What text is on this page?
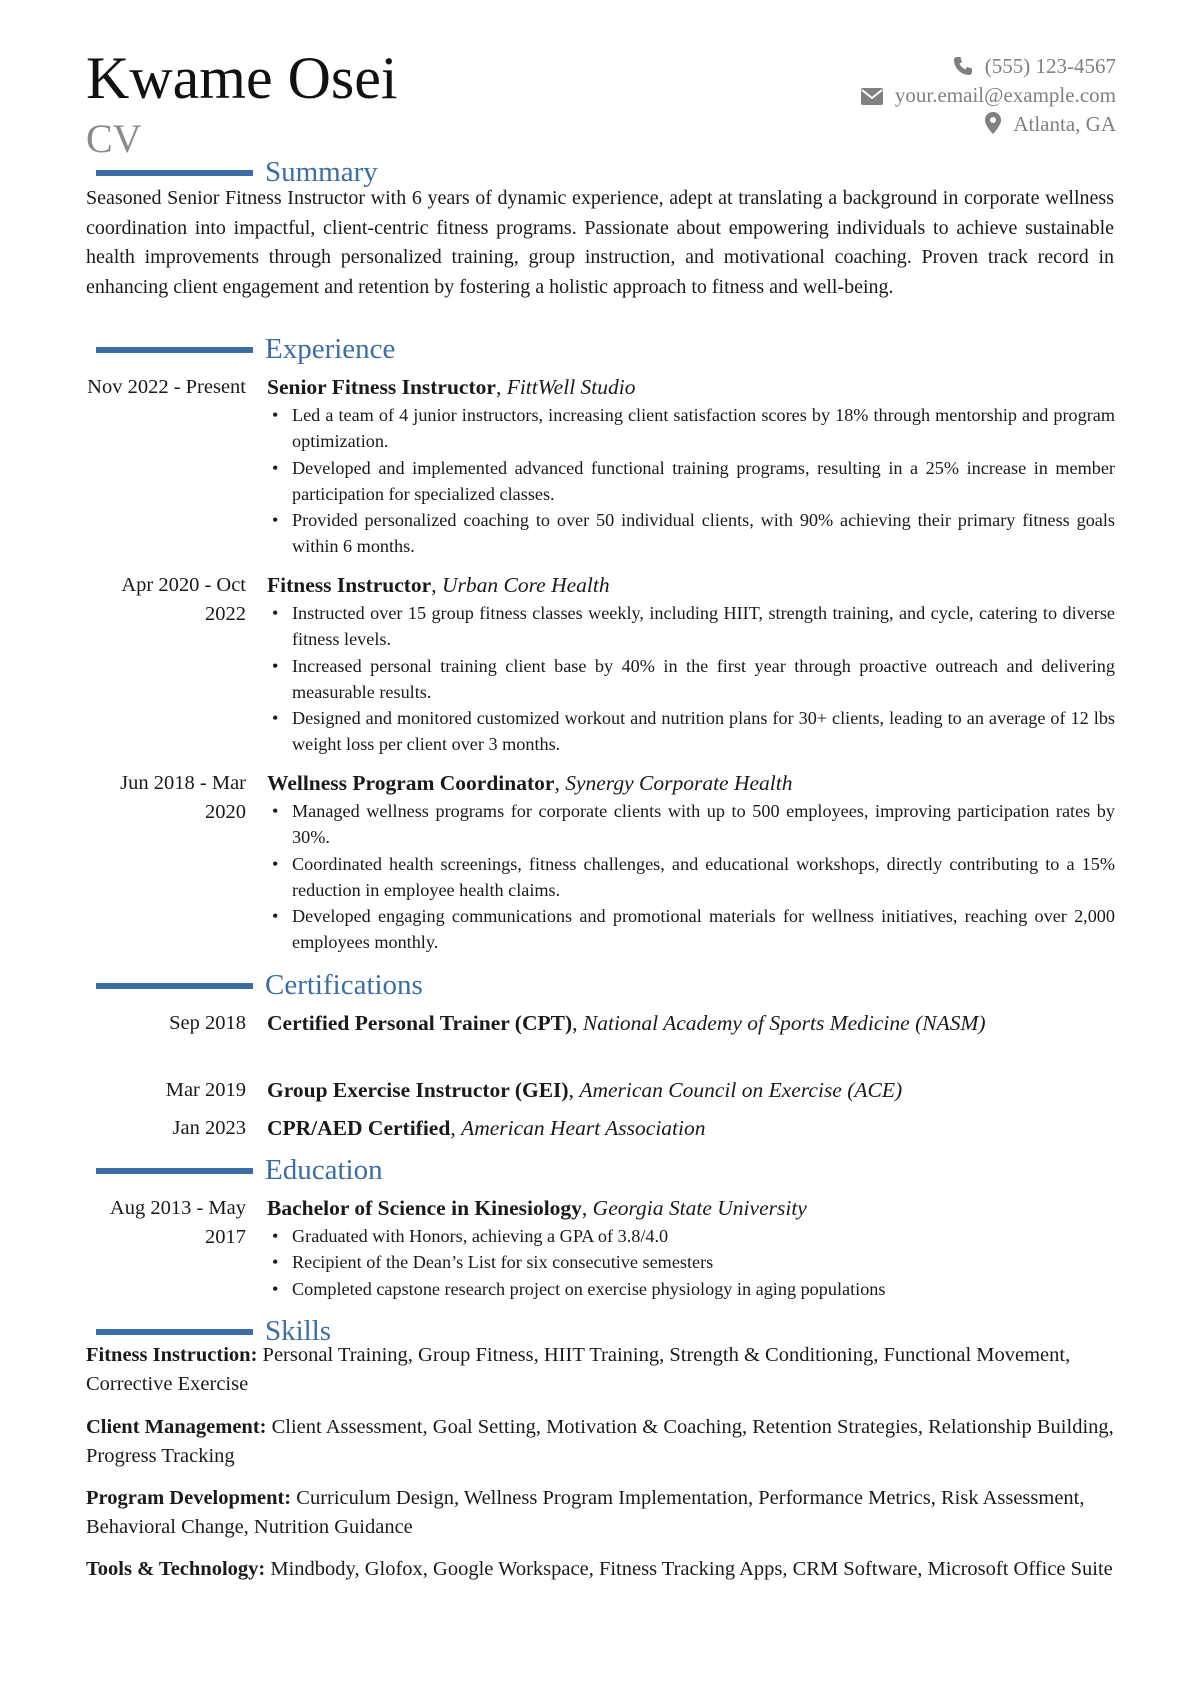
Kwame Osei
CV
(555) 123-4567
your.email@example.com
Atlanta, GA
Summary
Seasoned Senior Fitness Instructor with 6 years of dynamic experience, adept at translating a background in corporate wellness coordination into impactful, client-centric fitness programs. Passionate about empowering individuals to achieve sustainable health improvements through personalized training, group instruction, and motivational coaching. Proven track record in enhancing client engagement and retention by fostering a holistic approach to fitness and well-being.
Experience
Nov 2022 - Present Senior Fitness Instructor, FittWell Studio
• Led a team of 4 junior instructors, increasing client satisfaction scores by 18% through mentorship and program optimization.
• Developed and implemented advanced functional training programs, resulting in a 25% increase in member participation for specialized classes.
• Provided personalized coaching to over 50 individual clients, with 90% achieving their primary fitness goals within 6 months.
Apr 2020 - Oct 2022
Fitness Instructor, Urban Core Health
• Instructed over 15 group fitness classes weekly, including HIIT, strength training, and cycle, catering to diverse fitness levels.
• Increased personal training client base by 40% in the first year through proactive outreach and delivering measurable results.
• Designed and monitored customized workout and nutrition plans for 30+ clients, leading to an average of 12 lbs weight loss per client over 3 months.
Jun 2018 - Mar 2020
Wellness Program Coordinator, Synergy Corporate Health
• Managed wellness programs for corporate clients with up to 500 employees, improving participation rates by 30%.
• Coordinated health screenings, fitness challenges, and educational workshops, directly contributing to a 15% reduction in employee health claims.
• Developed engaging communications and promotional materials for wellness initiatives, reaching over 2,000 employees monthly.
Certifications
Sep 2018 Certified Personal Trainer (CPT), National Academy of Sports Medicine (NASM)
Mar 2019 Group Exercise Instructor (GEI), American Council on Exercise (ACE)
Jan 2023 CPR/AED Certified, American Heart Association
Education
Aug 2013 - May 2017
Bachelor of Science in Kinesiology, Georgia State University
• Graduated with Honors, achieving a GPA of 3.8/4.0
• Recipient of the Dean’s List for six consecutive semesters
• Completed capstone research project on exercise physiology in aging populations
Skills
Fitness Instruction: Personal Training, Group Fitness, HIIT Training, Strength & Conditioning, Functional Movement, Corrective Exercise
Client Management: Client Assessment, Goal Setting, Motivation & Coaching, Retention Strategies, Relationship Building, Progress Tracking
Program Development: Curriculum Design, Wellness Program Implementation, Performance Metrics, Risk Assessment, Behavioral Change, Nutrition Guidance
Tools & Technology: Mindbody, Glofox, Google Workspace, Fitness Tracking Apps, CRM Software, Microsoft Office Suite
